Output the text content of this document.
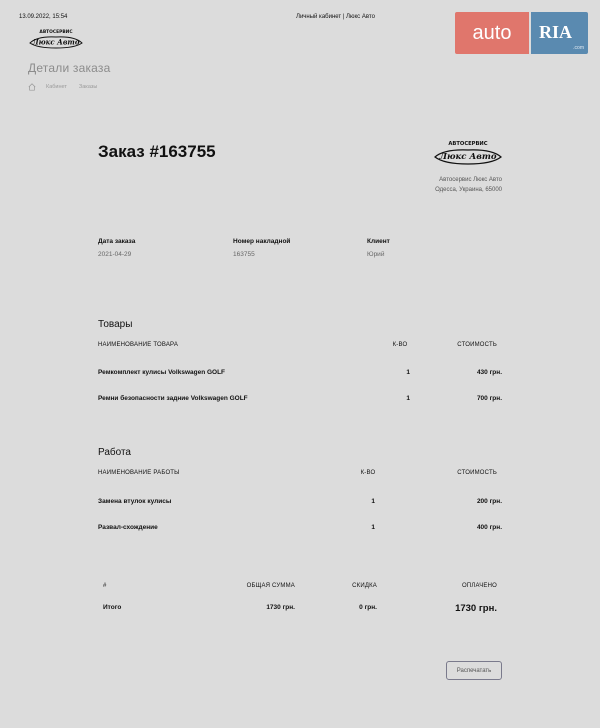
13.09.2022, 15:54	Личный кабинет | Люкс Авто
АВТОСЕРВИС
Люкс Авто
Детали заказа
Кабинет Заказы
auto	RIA
.com
Заказ #163755	АВТОСЕРВИС
Люкс Авто
Автосервис Люкс Авто
Одесса, Украина, 65000
Дата заказа
2021-04-29
Номер накладной
163755
Клиент
Юрий
Товары
НАИМЕНОВАНИЕ ТОВАРА	К-ВО	СТОИМОСТЬ
Ремкомплект кулисы Volkswagen GOLF	1	430 грн.
Ремни безопасности задние Volkswagen GOLF	1	700 грн.
Работа
НАИМЕНОВАНИЕ РАБОТЫ	К-ВО	СТОИМОСТЬ
Замена втулок кулисы	1	200 грн.
Развал-схождение	1	400 грн.
#	ОБЩАЯ СУММА	СКИДКА	ОПЛАЧЕНО
Итого	1730 грн.	0 грн.	1730 грн.
Распечатать
